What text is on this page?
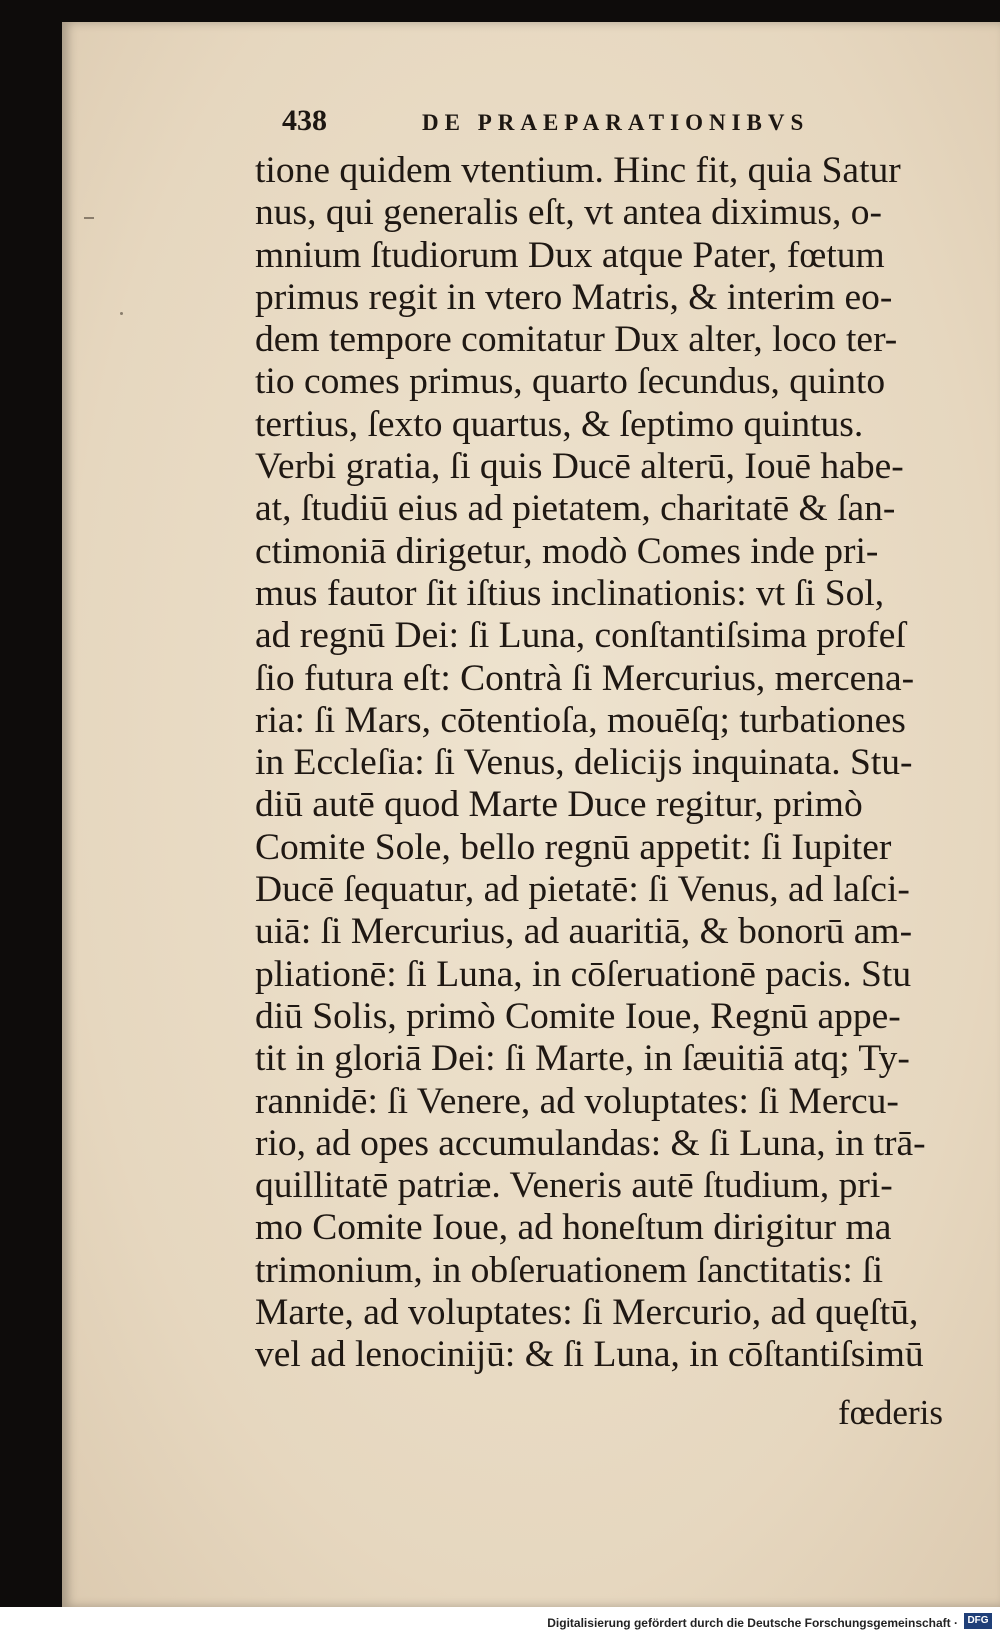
438	DE PRAEPARATIONIBVS
tione quidem vtentium. Hinc fit, quia Satur
nus, qui generalis eſt, vt antea diximus, o-
mnium ſtudiorum Dux atque Pater, fœtum
primus regit in vtero Matris, & interim eo-
dem tempore comitatur Dux alter, loco ter-
tio comes primus, quarto ſecundus, quinto
tertius, ſexto quartus, & ſeptimo quintus.
Verbi gratia, ſi quis Ducē alterū, Iouē habe-
at, ſtudiū eius ad pietatem, charitatē & ſan-
ctimoniā dirigetur, modò Comes inde pri-
mus fautor ſit iſtius inclinationis: vt ſi Sol,
ad regnū Dei: ſi Luna, conſtantiſsima profeſ
ſio futura eſt: Contrà ſi Mercurius, mercena-
ria: ſi Mars, cōtentioſa, mouēſq; turbationes
in Eccleſia: ſi Venus, delicijs inquinata. Stu-
diū autē quod Marte Duce regitur, primò
Comite Sole, bello regnū appetit: ſi Iupiter
Ducē ſequatur, ad pietatē: ſi Venus, ad laſci-
uiā: ſi Mercurius, ad auaritiā, & bonorū am-
pliationē: ſi Luna, in cōſeruationē pacis. Stu
diū Solis, primò Comite Ioue, Regnū appe-
tit in gloriā Dei: ſi Marte, in ſæuitiā atq; Ty-
rannidē: ſi Venere, ad voluptates: ſi Mercu-
rio, ad opes accumulandas: & ſi Luna, in trā-
quillitatē patriæ. Veneris autē ſtudium, pri-
mo Comite Ioue, ad honeſtum dirigitur ma
trimonium, in obſeruationem ſanctitatis: ſi
Marte, ad voluptates: ſi Mercurio, ad quęſtū,
vel ad lenocinijū: & ſi Luna, in cōſtantiſsimū
fœderis
Digitalisierung gefördert durch die Deutsche Forschungsgemeinschaft · DFG
